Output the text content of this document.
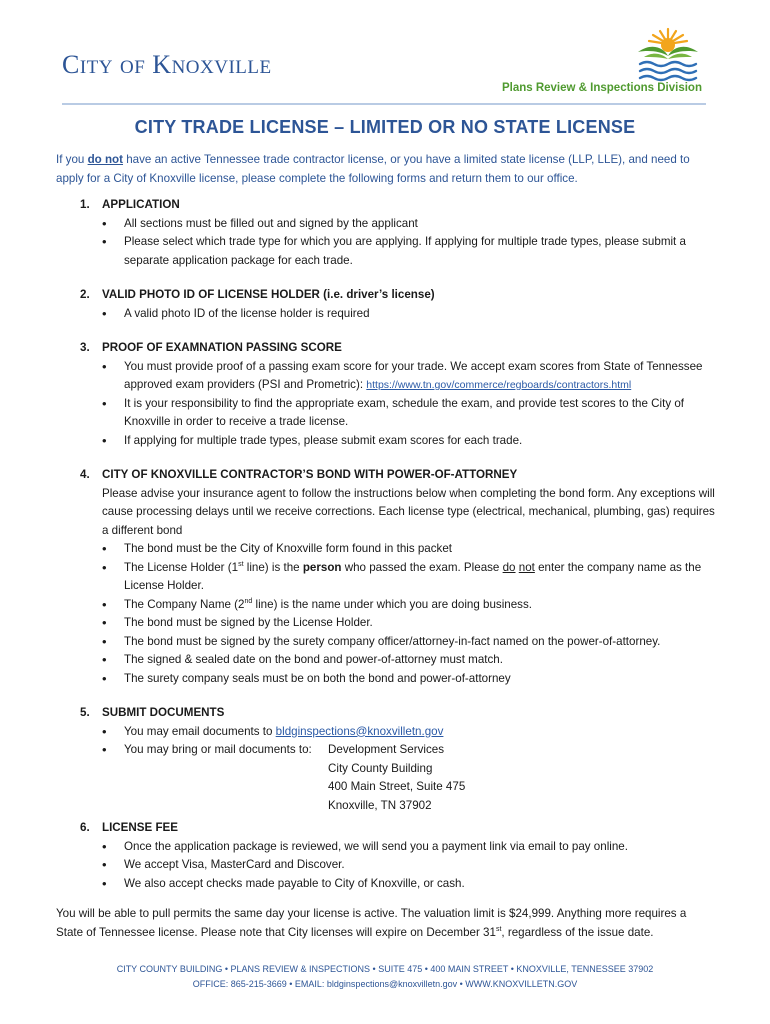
CITY OF KNOXVILLE
Plans Review & Inspections Division
CITY TRADE LICENSE – LIMITED OR NO STATE LICENSE

If you do not have an active Tennessee trade contractor license, or you have a limited state license (LLP, LLE), and need to apply for a City of Knoxville license, please complete the following forms and return them to our office.

1. APPLICATION
• All sections must be filled out and signed by the applicant
• Please select which trade type for which you are applying. If applying for multiple trade types, please submit a separate application package for each trade.
2. VALID PHOTO ID OF LICENSE HOLDER (i.e. driver’s license)
• A valid photo ID of the license holder is required
3. PROOF OF EXAMNATION PASSING SCORE
• You must provide proof of a passing exam score for your trade. We accept exam scores from State of Tennessee approved exam providers (PSI and Prometric): https://www.tn.gov/commerce/regboards/contractors.html
• It is your responsibility to find the appropriate exam, schedule the exam, and provide test scores to the City of Knoxville in order to receive a trade license.
• If applying for multiple trade types, please submit exam scores for each trade.
4. CITY OF KNOXVILLE CONTRACTOR’S BOND WITH POWER-OF-ATTORNEY
Please advise your insurance agent to follow the instructions below when completing the bond form. Any exceptions will cause processing delays until we receive corrections. Each license type (electrical, mechanical, plumbing, gas) requires a different bond
• The bond must be the City of Knoxville form found in this packet
• The License Holder (1st line) is the person who passed the exam. Please do not enter the company name as the License Holder.
• The Company Name (2nd line) is the name under which you are doing business.
• The bond must be signed by the License Holder.
• The bond must be signed by the surety company officer/attorney-in-fact named on the power-of-attorney.
• The signed & sealed date on the bond and power-of-attorney must match.
• The surety company seals must be on both the bond and power-of-attorney
5. SUBMIT DOCUMENTS
• You may email documents to bldginspections@knoxvilletn.gov
• You may bring or mail documents to:	Development Services
City County Building
400 Main Street, Suite 475
Knoxville, TN 37902
6. LICENSE FEE
• Once the application package is reviewed, we will send you a payment link via email to pay online.
• We accept Visa, MasterCard and Discover.
• We also accept checks made payable to City of Knoxville, or cash.

You will be able to pull permits the same day your license is active. The valuation limit is $24,999. Anything more requires a State of Tennessee license. Please note that City licenses will expire on December 31st, regardless of the issue date.

CITY COUNTY BUILDING • PLANS REVIEW & INSPECTIONS • SUITE 475 • 400 MAIN STREET • KNOXVILLE, TENNESSEE 37902
OFFICE: 865-215-3669 • EMAIL: bldginspections@knoxvilletn.gov • WWW.KNOXVILLETN.GOV
